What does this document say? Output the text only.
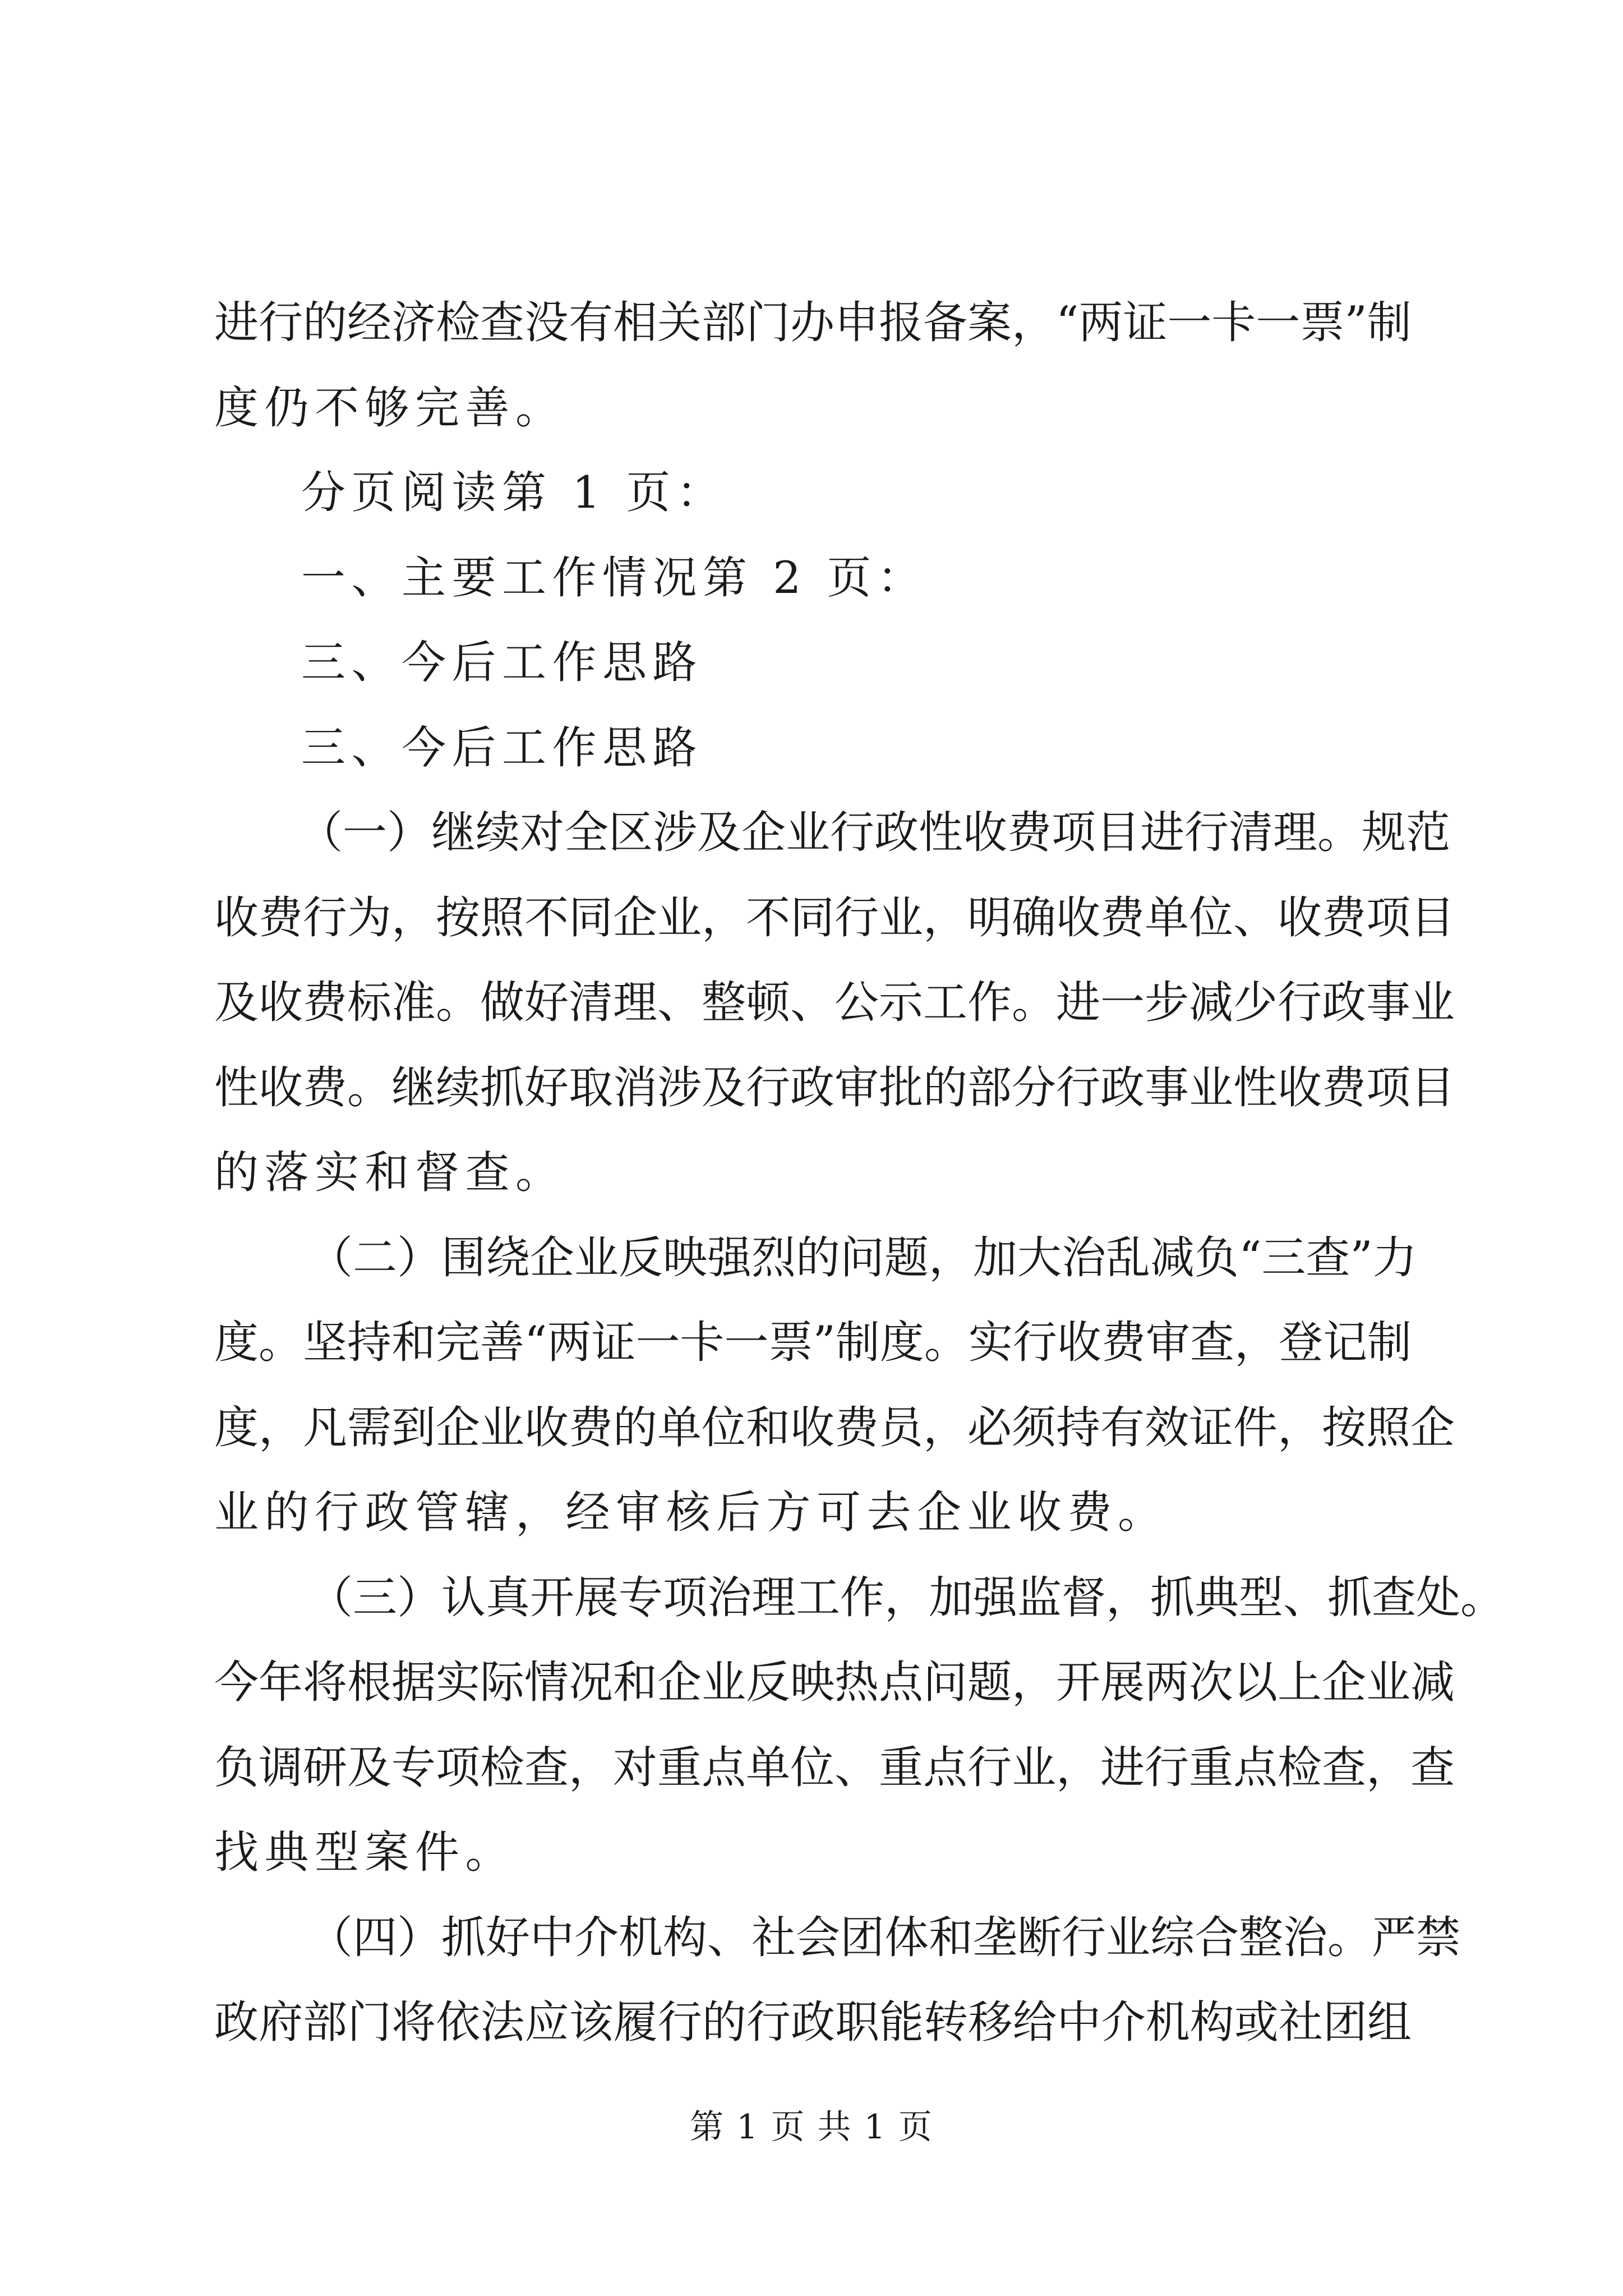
进行的经济检查没有相关部门办申报备案，“两证一卡一票”制
度仍不够完善。
分页阅读第 1 页：
一、主要工作情况第 2 页：
三、今后工作思路
三、今后工作思路
（一）继续对全区涉及企业行政性收费项目进行清理。规范
收费行为，按照不同企业，不同行业，明确收费单位、收费项目
及收费标准。做好清理、整顿、公示工作。进一步减少行政事业
性收费。继续抓好取消涉及行政审批的部分行政事业性收费项目
的落实和督查。
（二）围绕企业反映强烈的问题，加大治乱减负“三查”力
度。坚持和完善“两证一卡一票”制度。实行收费审查，登记制
度，凡需到企业收费的单位和收费员，必须持有效证件，按照企
业的行政管辖，经审核后方可去企业收费。
（三）认真开展专项治理工作，加强监督，抓典型、抓查处。
今年将根据实际情况和企业反映热点问题，开展两次以上企业减
负调研及专项检查，对重点单位、重点行业，进行重点检查，查
找典型案件。
（四）抓好中介机构、社会团体和垄断行业综合整治。严禁
政府部门将依法应该履行的行政职能转移给中介机构或社团组
第 1 页 共 1 页
